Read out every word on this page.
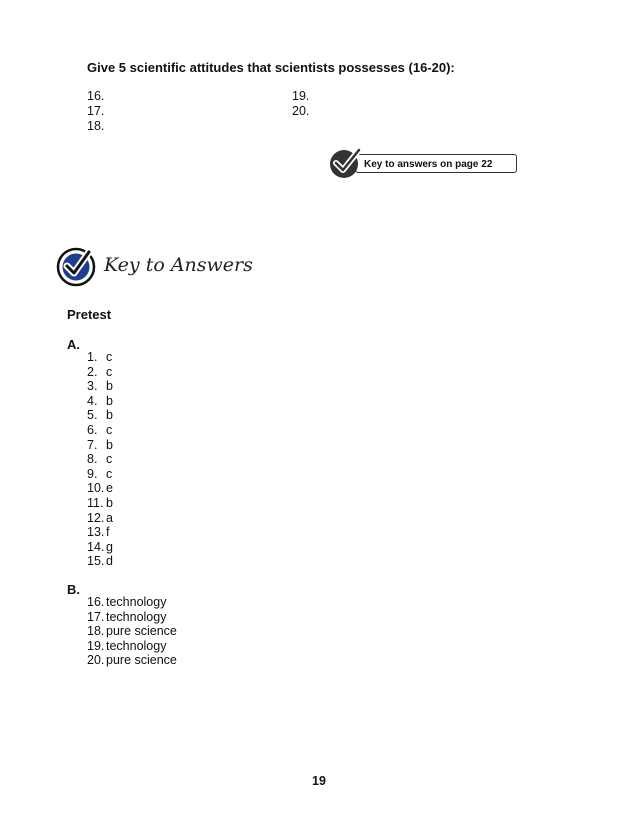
Give 5 scientific attitudes that scientists possesses (16-20):
16.
17.
18.
19.
20.
Key to answers on page 22
Key to Answers
Pretest
A.
1. c
2. c
3. b
4. b
5. b
6. c
7. b
8. c
9. c
10. e
11. b
12. a
13. f
14. g
15. d
B.
16. technology
17. technology
18. pure science
19. technology
20. pure science
19
